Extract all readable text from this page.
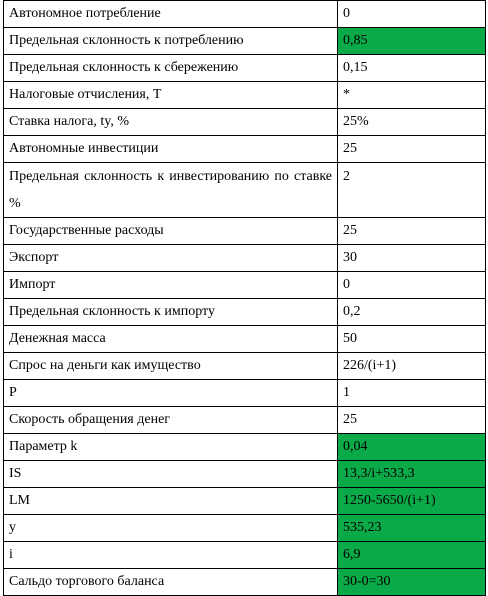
Автономное потребление	0
Предельная склонность к потреблению	0,85
Предельная склонность к сбережению	0,15
Налоговые отчисления, Т	*
Ставка налога, ty, %	25%
Автономные инвестиции	25
Предельная склонность к инвестированию по ставке %	2
Государственные расходы	25
Экспорт	30
Импорт	0
Предельная склонность к импорту	0,2
Денежная масса	50
Спрос на деньги как имущество	226/(i+1)
P	1
Скорость обращения денег	25
Параметр k	0,04
IS	13,3/i+533,3
LM	1250-5650/(i+1)
y	535,23
i	6,9
Сальдо торгового баланса	30-0=30
